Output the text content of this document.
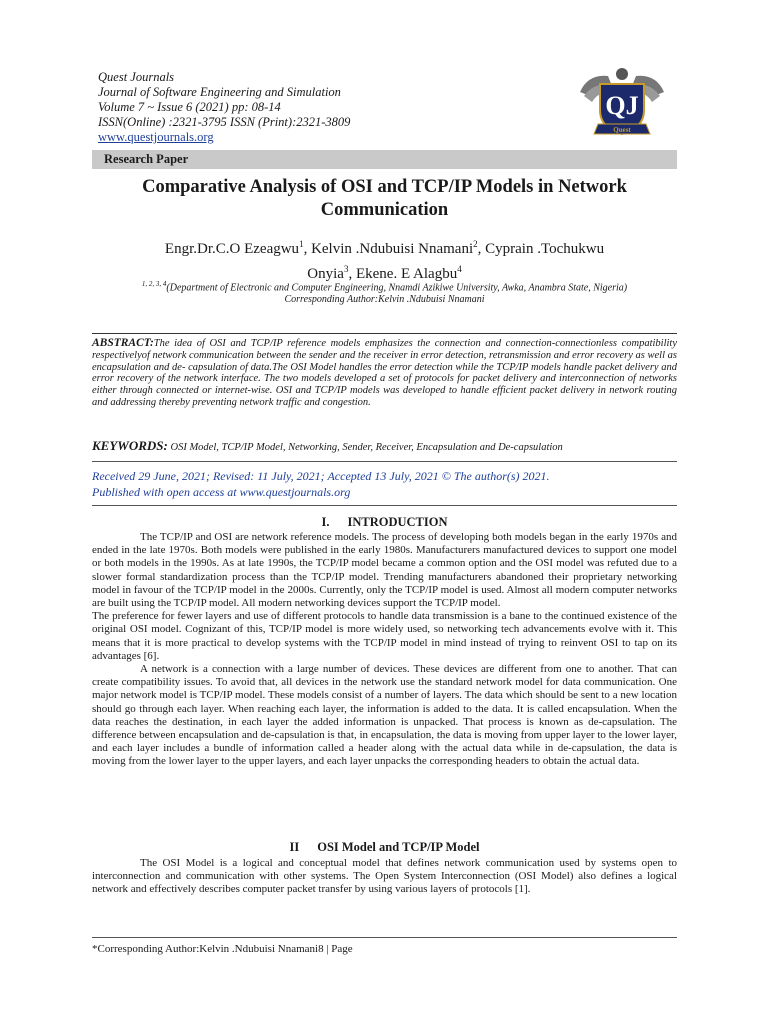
Quest Journals
Journal of Software Engineering and Simulation
Volume 7 ~ Issue 6 (2021) pp: 08-14
ISSN(Online) :2321-3795 ISSN (Print):2321-3809
www.questjournals.org
QJ
Quest
Research Paper
Comparative Analysis of OSI and TCP/IP Models in Network Communication
Engr.Dr.C.O Ezeagwu$^1$, Kelvin .Ndubuisi Nnamani$^2$, Cyprain .Tochukwu
Onyia$^3$, Ekene. E Alagbu$^4$
$^{1, 2, 3, 4}$(Department of Electronic and Computer Engineering, Nnamdi Azikiwe University, Awka, Anambra State, Nigeria)
Corresponding Author:Kelvin .Ndubuisi Nnamani
ABSTRACT:The idea of OSI and TCP/IP reference models emphasizes the connection and connection-connectionless compatibility respectivelyof network communication between the sender and the receiver in error detection, retransmission and error recovery as well as encapsulation and de- capsulation of data.The OSI Model handles the error detection while the TCP/IP models handle packet delivery and error recovery of the network interface. The two models developed a set of protocols for packet delivery and interconnection of networks either through connected or internet-wise. OSI and TCP/IP models was developed to handle efficient packet delivery in network routing and addressing thereby preventing network traffic and congestion.
KEYWORDS: OSI Model, TCP/IP Model, Networking, Sender, Receiver, Encapsulation and De-capsulation
Received 29 June, 2021; Revised: 11 July, 2021; Accepted 13 July, 2021 © The author(s) 2021.
Published with open access at www.questjournals.org
I. INTRODUCTION

The TCP/IP and OSI are network reference models. The process of developing both models began in the early 1970s and ended in the late 1970s. Both models were published in the early 1980s. Manufacturers manufactured devices to support one model or both models in the 1990s. As at late 1990s, the TCP/IP model became a common option and the OSI model was refuted due to a slower formal standardization process than the TCP/IP model. Trending manufacturers abandoned their proprietary networking model in favour of the TCP/IP model in the 2000s. Currently, only the TCP/IP model is used. Almost all modern computer networks are built using the TCP/IP model. All modern networking devices support the TCP/IP model.

The preference for fewer layers and use of different protocols to handle data transmission is a bane to the continued existence of the original OSI model. Cognizant of this, TCP/IP model is more widely used, so networking tech advancements evolve with it. This means that it is more practical to develop systems with the TCP/IP model in mind instead of trying to reinvent OSI to tap on its advantages [6].

A network is a connection with a large number of devices. These devices are different from one to another. That can create compatibility issues. To avoid that, all devices in the network use the standard network model for data communication. One major network model is TCP/IP model. These models consist of a number of layers. The data which should be sent to a new location should go through each layer. When reaching each layer, the information is added to the data. It is called encapsulation. When the data reaches the destination, in each layer the added information is unpacked. That process is known as de-capsulation. The difference between encapsulation and de-capsulation is that, in encapsulation, the data is moving from upper layer to the lower layer, and each layer includes a bundle of information called a header along with the actual data while in de-capsulation, the data is moving from the lower layer to the upper layers, and each layer unpacks the corresponding headers to obtain the actual data.

II OSI Model and TCP/IP Model

The OSI Model is a logical and conceptual model that defines network communication used by systems open to interconnection and communication with other systems. The Open System Interconnection (OSI Model) also defines a logical network and effectively describes computer packet transfer by using various layers of protocols [1].

*Corresponding Author:Kelvin .Ndubuisi Nnamani8 | Page
